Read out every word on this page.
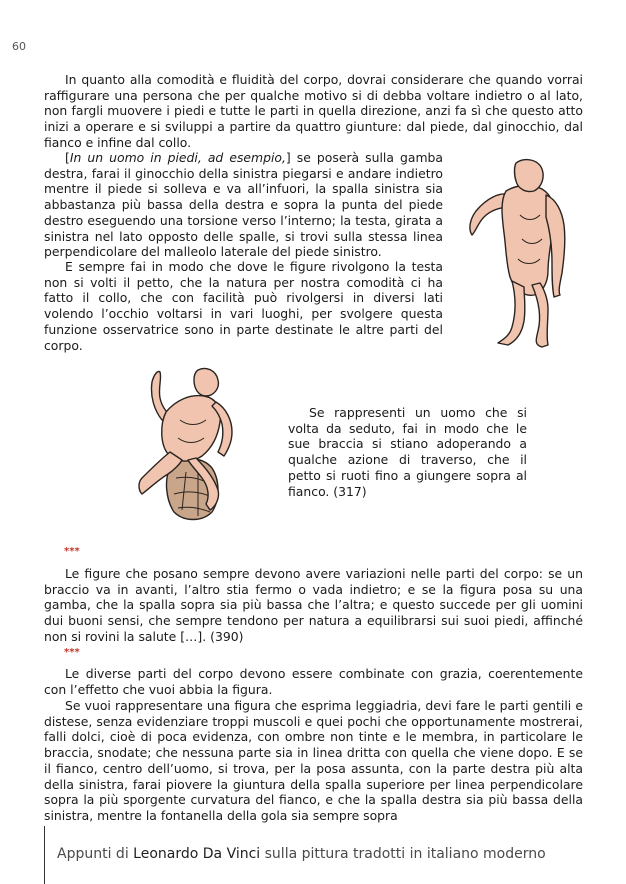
60

In quanto alla comodità e fluidità del corpo, dovrai considerare che quando vorrai raffigurare una persona che per qualche motivo si di debba voltare indietro o al lato, non fargli muovere i piedi e tutte le parti in quella direzione, anzi fa sì che questo atto inizi a operare e si sviluppi a partire da quattro giunture: dal piede, dal ginocchio, dal fianco e infine dal collo.

[In un uomo in piedi, ad esempio,] se poserà sulla gamba destra, farai il ginocchio della sinistra piegarsi e andare indietro mentre il piede si solleva e va all’infuori, la spalla sinistra sia abbastanza più bassa della destra e sopra la punta del piede destro eseguendo una torsione verso l’interno; la testa, girata a sinistra nel lato opposto delle spalle, si trovi sulla stessa linea perpendicolare del malleolo laterale del piede sinistro.

E sempre fai in modo che dove le figure rivolgono la testa non si volti il petto, che la natura per nostra comodità ci ha fatto il collo, che con facilità può rivolgersi in diversi lati volendo l’occhio voltarsi in vari luoghi, per svolgere questa funzione osservatrice sono in parte destinate le altre parti del corpo.

Se rappresenti un uomo che si volta da seduto, fai in modo che le sue braccia si stiano adoperando a qualche azione di traverso, che il petto si ruoti fino a giungere sopra al fianco. (317)

***

Le figure che posano sempre devono avere variazioni nelle parti del corpo: se un braccio va in avanti, l’altro stia fermo o vada indietro; e se la figura posa su una gamba, che la spalla sopra sia più bassa che l’altra; e questo succede per gli uomini dui buoni sensi, che sempre tendono per natura a equilibrarsi sui suoi piedi, affinché non si rovini la salute […]. (390)

***

Le diverse parti del corpo devono essere combinate con grazia, coerentemente con l’effetto che vuoi abbia la figura.

Se vuoi rappresentare una figura che esprima leggiadria, devi fare le parti gentili e distese, senza evidenziare troppi muscoli e quei pochi che opportunamente mostrerai, falli dolci, cioè di poca evidenza, con ombre non tinte e le membra, in particolare le braccia, snodate; che nessuna parte sia in linea dritta con quella che viene dopo. E se il fianco, centro dell’uomo, si trova, per la posa assunta, con la parte destra più alta della sinistra, farai piovere la giuntura della spalla superiore per linea perpendicolare sopra la più sporgente curvatura del fianco, e che la spalla destra sia più bassa della sinistra, mentre la fontanella della gola sia sempre sopra

Appunti di Leonardo Da Vinci sulla pittura tradotti in italiano moderno
